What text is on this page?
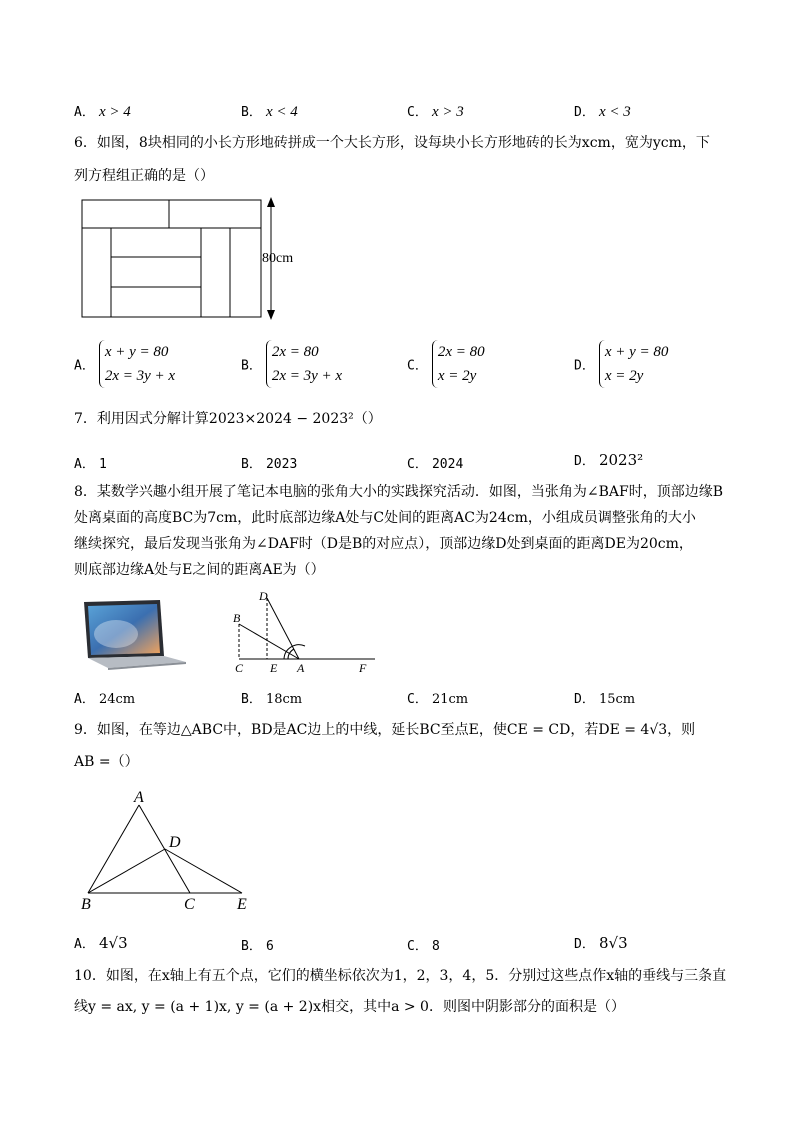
A． x > 4	B． x < 4	C． x > 3	D． x < 3
6．如图，8块相同的小长方形地砖拼成一个大长方形，设每块小长方形地砖的长为xcm，宽为ycm，下
列方程组正确的是（）
80cm
A．x + y = 80
2x = 3y + x
B．2x = 80
2x = 3y + x
C．2x = 80
x = 2y
D．x + y = 80
x = 2y
7．利用因式分解计算2023×2024 − 2023²（）
A． 1	B． 2023	C． 2024	D． 2023²
8．某数学兴趣小组开展了笔记本电脑的张角大小的实践探究活动．如图，当张角为∠BAF时，顶部边缘B
处离桌面的高度BC为7cm，此时底部边缘A处与C处间的距离AC为24cm，小组成员调整张角的大小
继续探究，最后发现当张角为∠DAF时（D是B的对应点），顶部边缘D处到桌面的距离DE为20cm，
则底部边缘A处与E之间的距离AE为（）
D
B
C E A	F
A． 24cm	B． 18cm	C． 21cm	D． 15cm
9．如图，在等边△ABC中，BD是AC边上的中线，延长BC至点E，使CE = CD，若DE = 4√3，则
AB =（）
A
D
B	C	E
A． 4√3	B． 6	C． 8	D． 8√3
10．如图，在x轴上有五个点，它们的横坐标依次为1，2，3，4，5．分别过这些点作x轴的垂线与三条直
线y = ax, y = (a + 1)x, y = (a + 2)x相交，其中a > 0．则图中阴影部分的面积是（）
